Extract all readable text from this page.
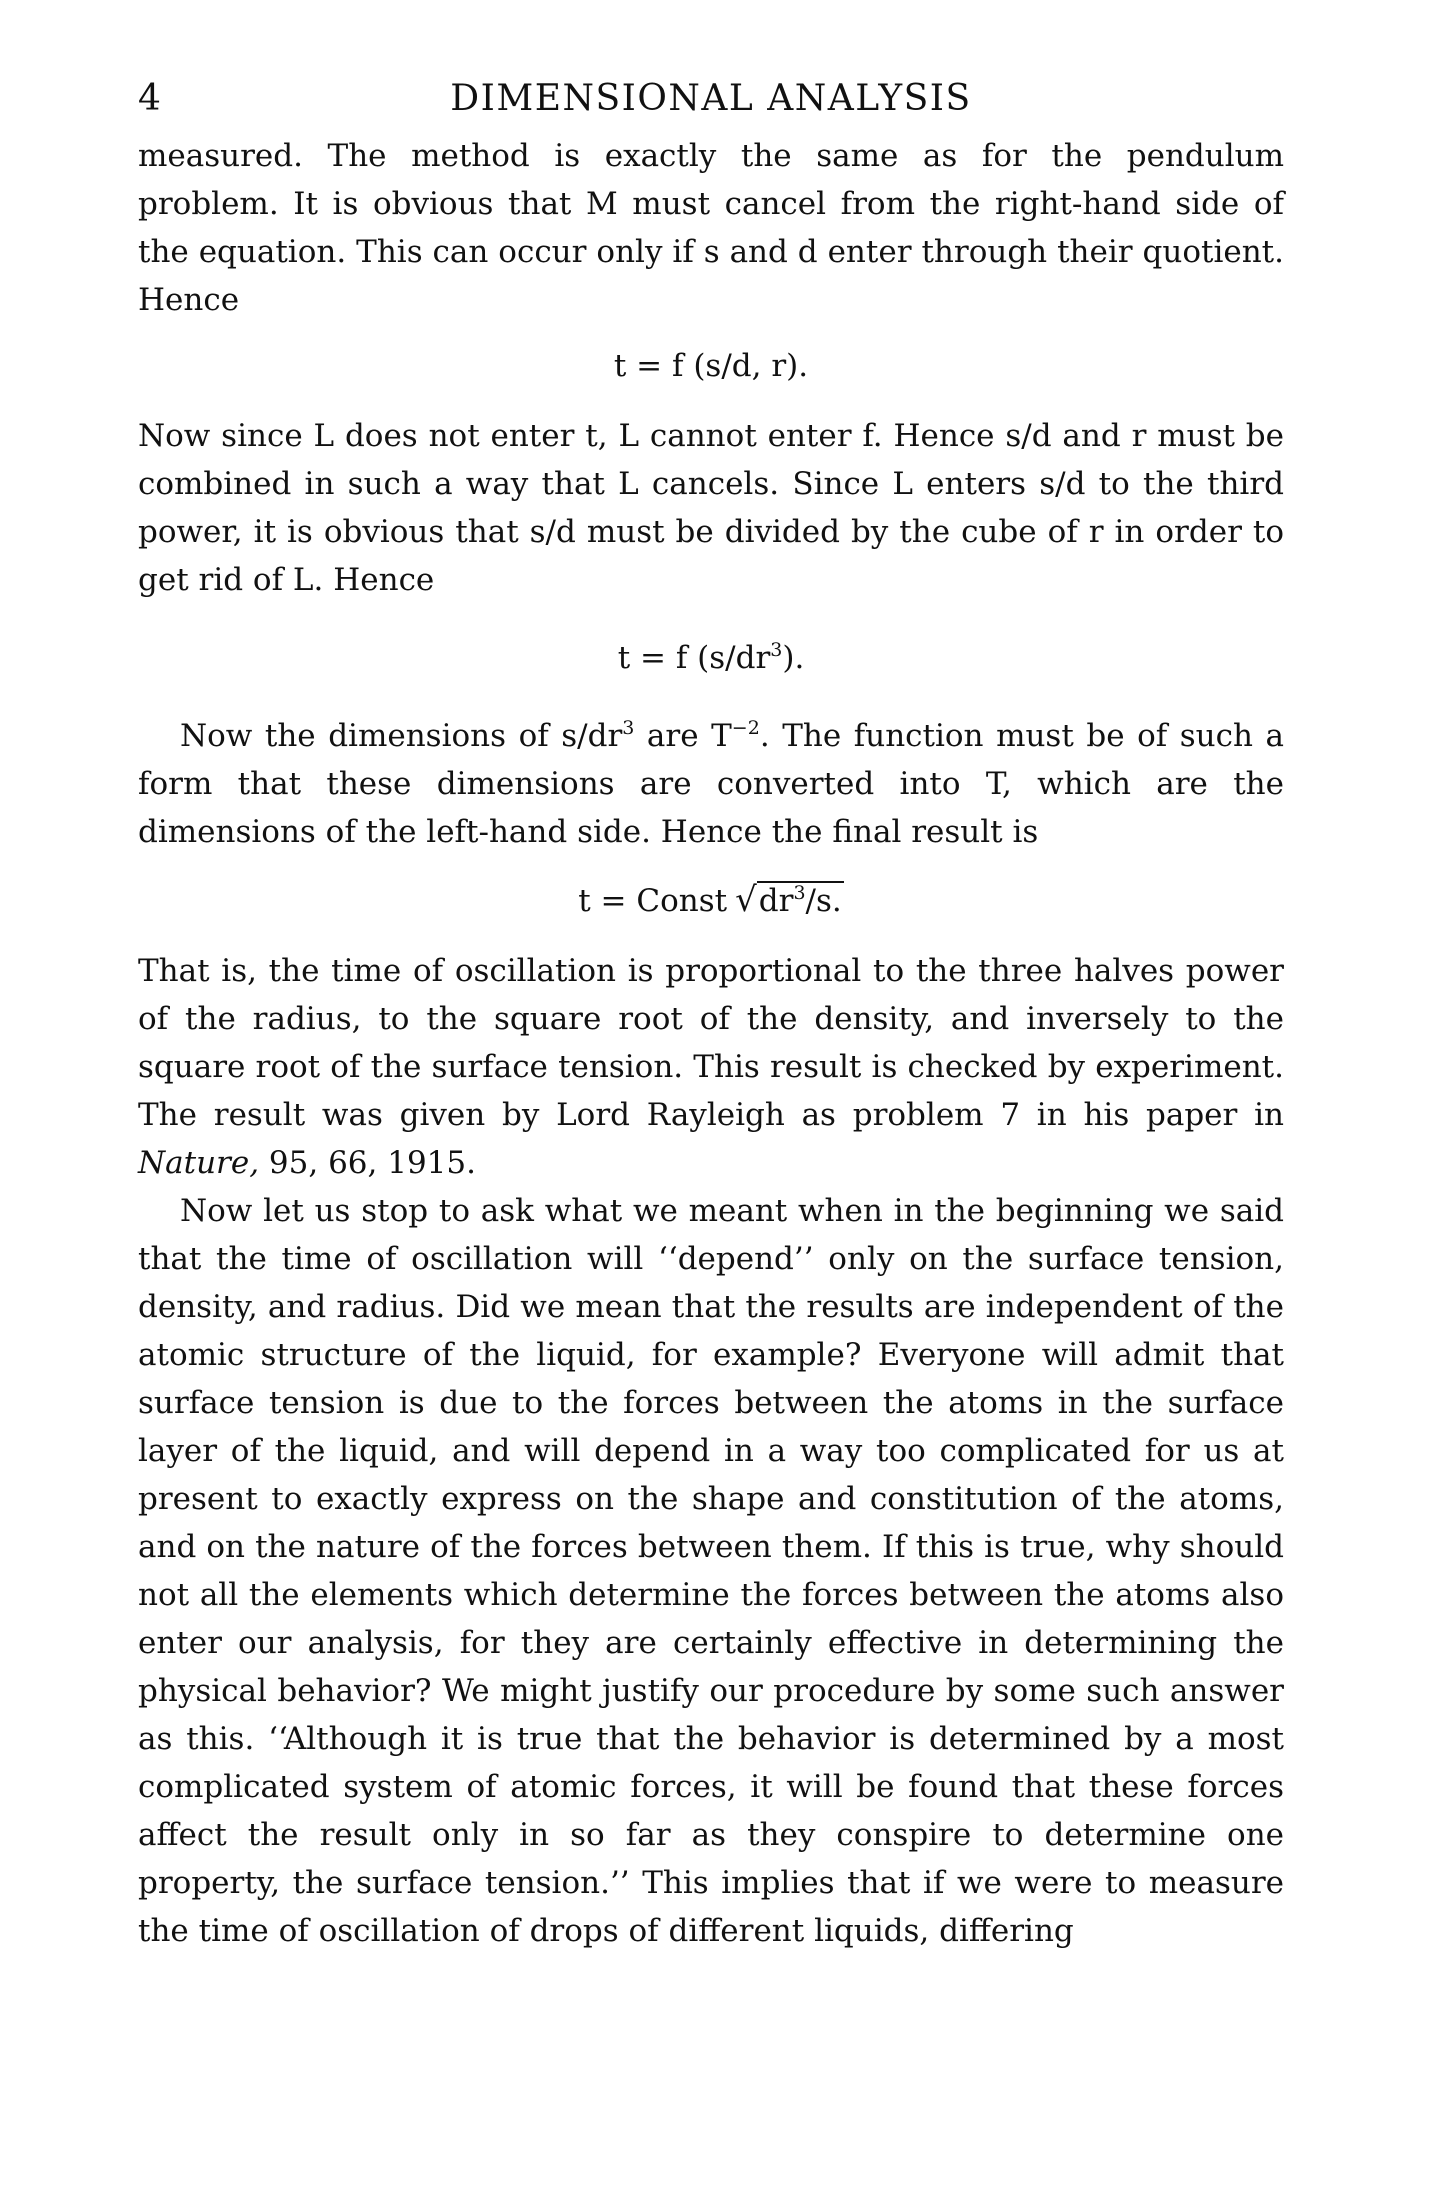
4	DIMENSIONAL ANALYSIS

measured. The method is exactly the same as for the pendulum problem. It is obvious that M must cancel from the right-hand side of the equation. This can occur only if s and d enter through their quotient. Hence

t = f (s/d, r).

Now since L does not enter t, L cannot enter f. Hence s/d and r must be combined in such a way that L cancels. Since L enters s/d to the third power, it is obvious that s/d must be divided by the cube of r in order to get rid of L. Hence

t = f $(s/dr^3)$.

Now the dimensions of $s/dr^3$ are $T^{-2}$. The function must be of such a form that these dimensions are converted into T, which are the dimensions of the left-hand side. Hence the final result is

t = Const $√dr^3/s$.

That is, the time of oscillation is proportional to the three halves power of the radius, to the square root of the density, and inversely to the square root of the surface tension. This result is checked by experiment. The result was given by Lord Rayleigh as problem 7 in his paper in Nature, 95, 66, 1915.

Now let us stop to ask what we meant when in the beginning we said that the time of oscillation will ‘‘depend’’ only on the surface tension, density, and radius. Did we mean that the results are independent of the atomic structure of the liquid, for example? Everyone will admit that surface tension is due to the forces between the atoms in the surface layer of the liquid, and will depend in a way too complicated for us at present to exactly express on the shape and constitution of the atoms, and on the nature of the forces between them. If this is true, why should not all the elements which determine the forces between the atoms also enter our analysis, for they are certainly effective in determining the physical behavior? We might justify our procedure by some such answer as this. ‘‘Although it is true that the behavior is determined by a most complicated system of atomic forces, it will be found that these forces affect the result only in so far as they conspire to determine one property, the surface tension.’’ This implies that if we were to measure the time of oscillation of drops of different liquids, differing
